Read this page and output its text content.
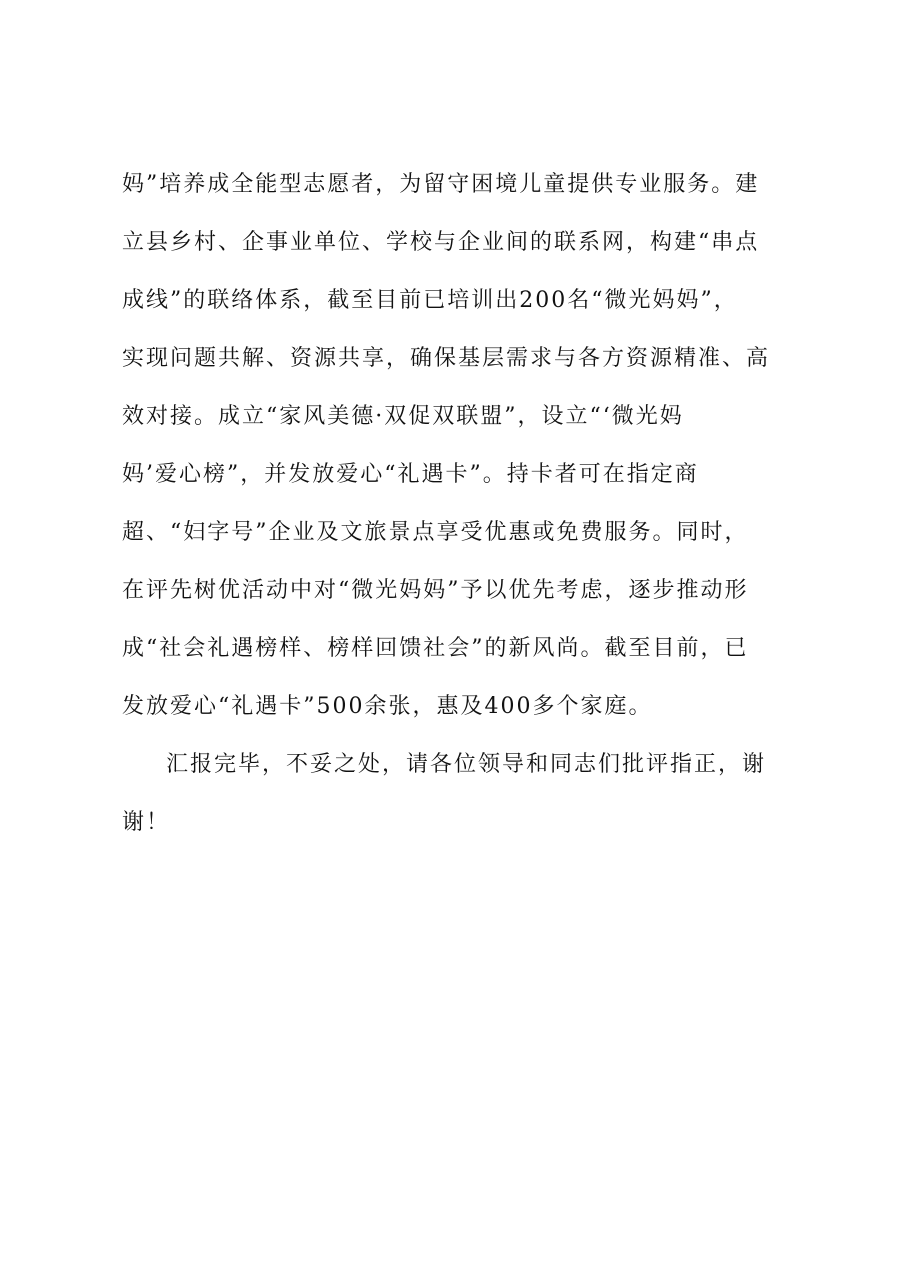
妈”培养成全能型志愿者，为留守困境儿童提供专业服务。建
立县乡村、企事业单位、学校与企业间的联系网，构建“串点
成线”的联络体系，截至目前已培训出200名“微光妈妈”，
实现问题共解、资源共享，确保基层需求与各方资源精准、高
效对接。成立“家风美德·双促双联盟”，设立“‘微光妈
妈’爱心榜”，并发放爱心“礼遇卡”。持卡者可在指定商
超、“妇字号”企业及文旅景点享受优惠或免费服务。同时，
在评先树优活动中对“微光妈妈”予以优先考虑，逐步推动形
成“社会礼遇榜样、榜样回馈社会”的新风尚。截至目前，已
发放爱心“礼遇卡”500余张，惠及400多个家庭。
汇报完毕，不妥之处，请各位领导和同志们批评指正，谢
谢！
